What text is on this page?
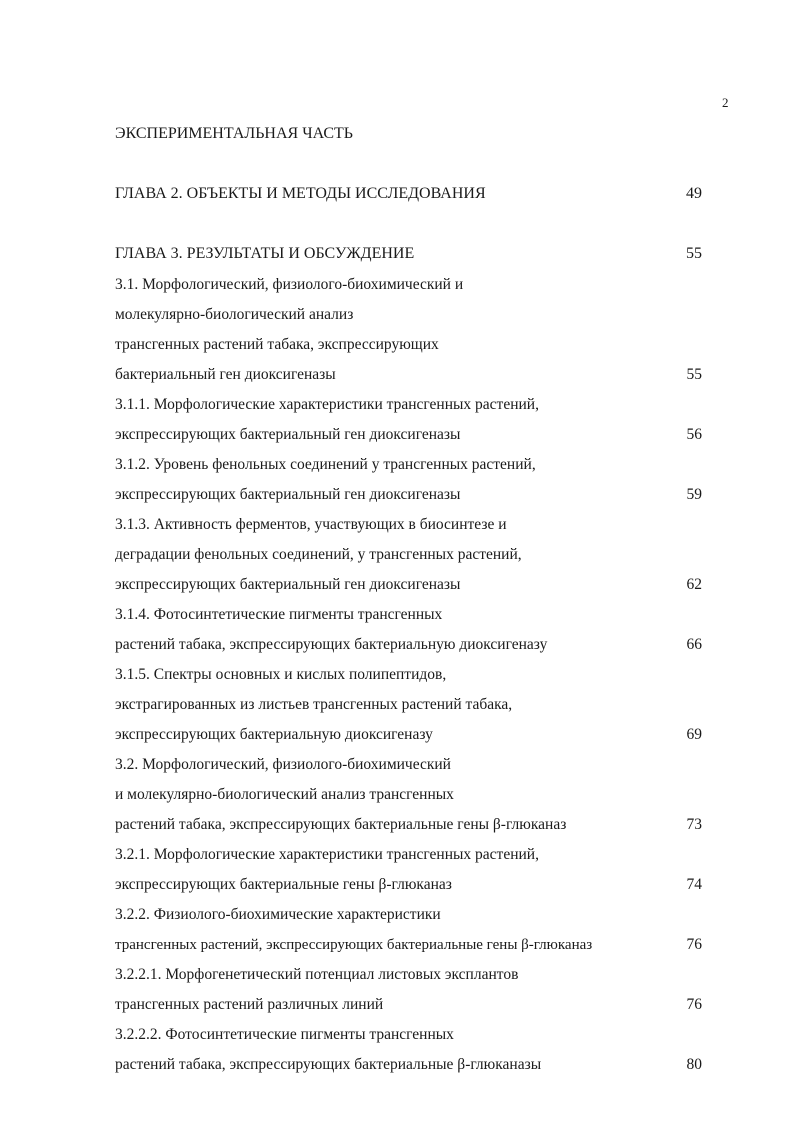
2
ЭКСПЕРИМЕНТАЛЬНАЯ ЧАСТЬ
ГЛАВА 2. ОБЪЕКТЫ И МЕТОДЫ ИССЛЕДОВАНИЯ	49
ГЛАВА 3. РЕЗУЛЬТАТЫ И ОБСУЖДЕНИЕ	55
3.1. Морфологический, физиолого-биохимический и
молекулярно-биологический анализ
трансгенных растений табака, экспрессирующих
бактериальный ген диоксигеназы	55
3.1.1. Морфологические характеристики трансгенных растений,
экспрессирующих бактериальный ген диоксигеназы	56
3.1.2. Уровень фенольных соединений у трансгенных растений,
экспрессирующих бактериальный ген диоксигеназы	59
3.1.3. Активность ферментов, участвующих в биосинтезе и
деградации фенольных соединений, у трансгенных растений,
экспрессирующих бактериальный ген диоксигеназы	62
3.1.4. Фотосинтетические пигменты трансгенных
растений табака, экспрессирующих бактериальную диоксигеназу	66
3.1.5. Спектры основных и кислых полипептидов,
экстрагированных из листьев трансгенных растений табака,
экспрессирующих бактериальную диоксигеназу	69
3.2. Морфологический, физиолого-биохимический
и молекулярно-биологический анализ трансгенных
растений табака, экспрессирующих бактериальные гены β-глюканаз	73
3.2.1. Морфологические характеристики трансгенных растений,
экспрессирующих бактериальные гены β-глюканаз	74
3.2.2. Физиолого-биохимические характеристики
трансгенных растений, экспрессирующих бактериальные гены β-глюканаз	76
3.2.2.1. Морфогенетический потенциал листовых эксплантов
трансгенных растений различных линий	76
3.2.2.2. Фотосинтетические пигменты трансгенных
растений табака, экспрессирующих бактериальные β-глюканазы	80
